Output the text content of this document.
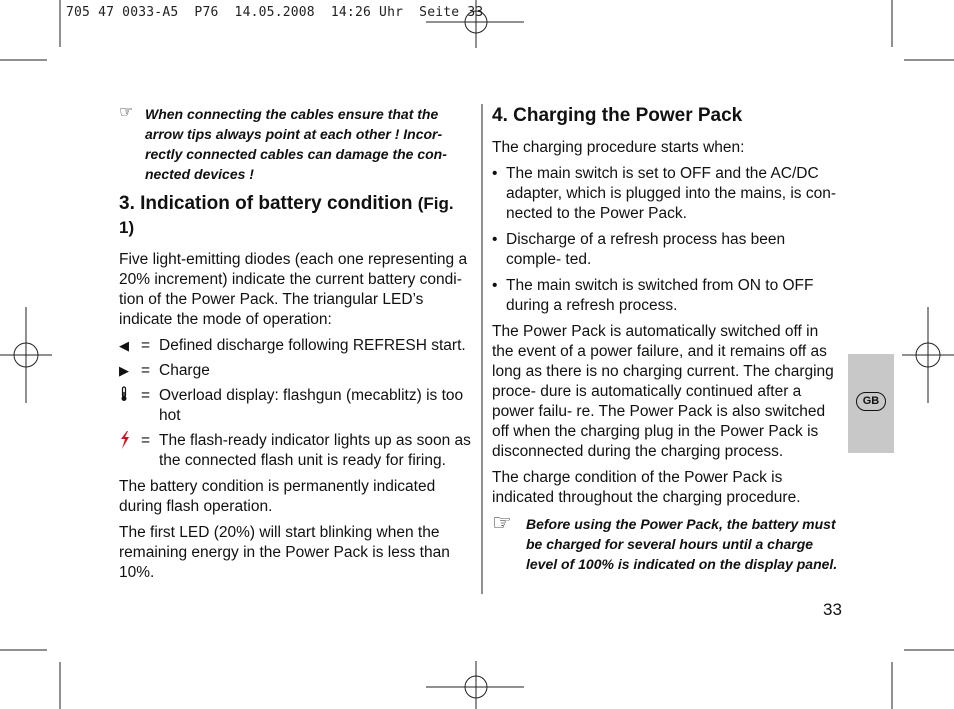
705 47 0033-A5  P76  14.05.2008  14:26 Uhr  Seite 33
☞ When connecting the cables ensure that the arrow tips always point at each other ! Incor- rectly connected cables can damage the con- nected devices !
3. Indication of battery condition (Fig. 1)

Five light-emitting diodes (each one representing a 20% increment) indicate the current battery condi- tion of the Power Pack. The triangular LED’s indicate the mode of operation:

◀ = Defined discharge following REFRESH start.
▶ = Charge
= Overload display: flashgun (mecablitz) is too hot
= The flash-ready indicator lights up as soon as the connected flash unit is ready for firing.

The battery condition is permanently indicated during flash operation.

The first LED (20%) will start blinking when the remaining energy in the Power Pack is less than 10%.

4. Charging the Power Pack

The charging procedure starts when:

• The main switch is set to OFF and the AC/DC adapter, which is plugged into the mains, is con- nected to the Power Pack.
• Discharge of a refresh process has been comple- ted.
• The main switch is switched from ON to OFF during a refresh process.

The Power Pack is automatically switched off in the event of a power failure, and it remains off as long as there is no charging current. The charging proce- dure is automatically continued after a power failu- re. The Power Pack is also switched off when the charging plug in the Power Pack is disconnected during the charging process.

The charge condition of the Power Pack is indicated throughout the charging procedure.

☞	Before using the Power Pack, the battery must be charged for several hours until a charge level of 100% is indicated on the display panel.
GB
33
